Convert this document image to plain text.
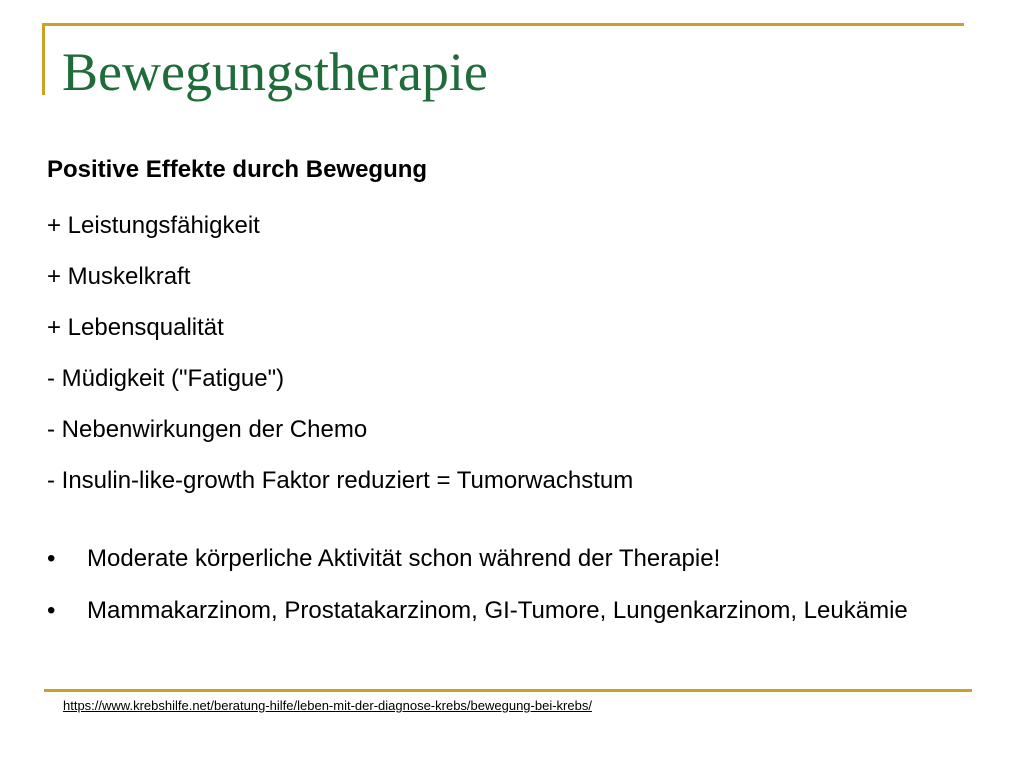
Bewegungstherapie
Positive Effekte durch Bewegung
+ Leistungsfähigkeit
+ Muskelkraft
+ Lebensqualität
- Müdigkeit ("Fatigue")
- Nebenwirkungen der Chemo
- Insulin-like-growth Faktor reduziert = Tumorwachstum
• Moderate körperliche Aktivität schon während der Therapie!
• Mammakarzinom, Prostatakarzinom, GI-Tumore, Lungenkarzinom, Leukämie
https://www.krebshilfe.net/beratung-hilfe/leben-mit-der-diagnose-krebs/bewegung-bei-krebs/
